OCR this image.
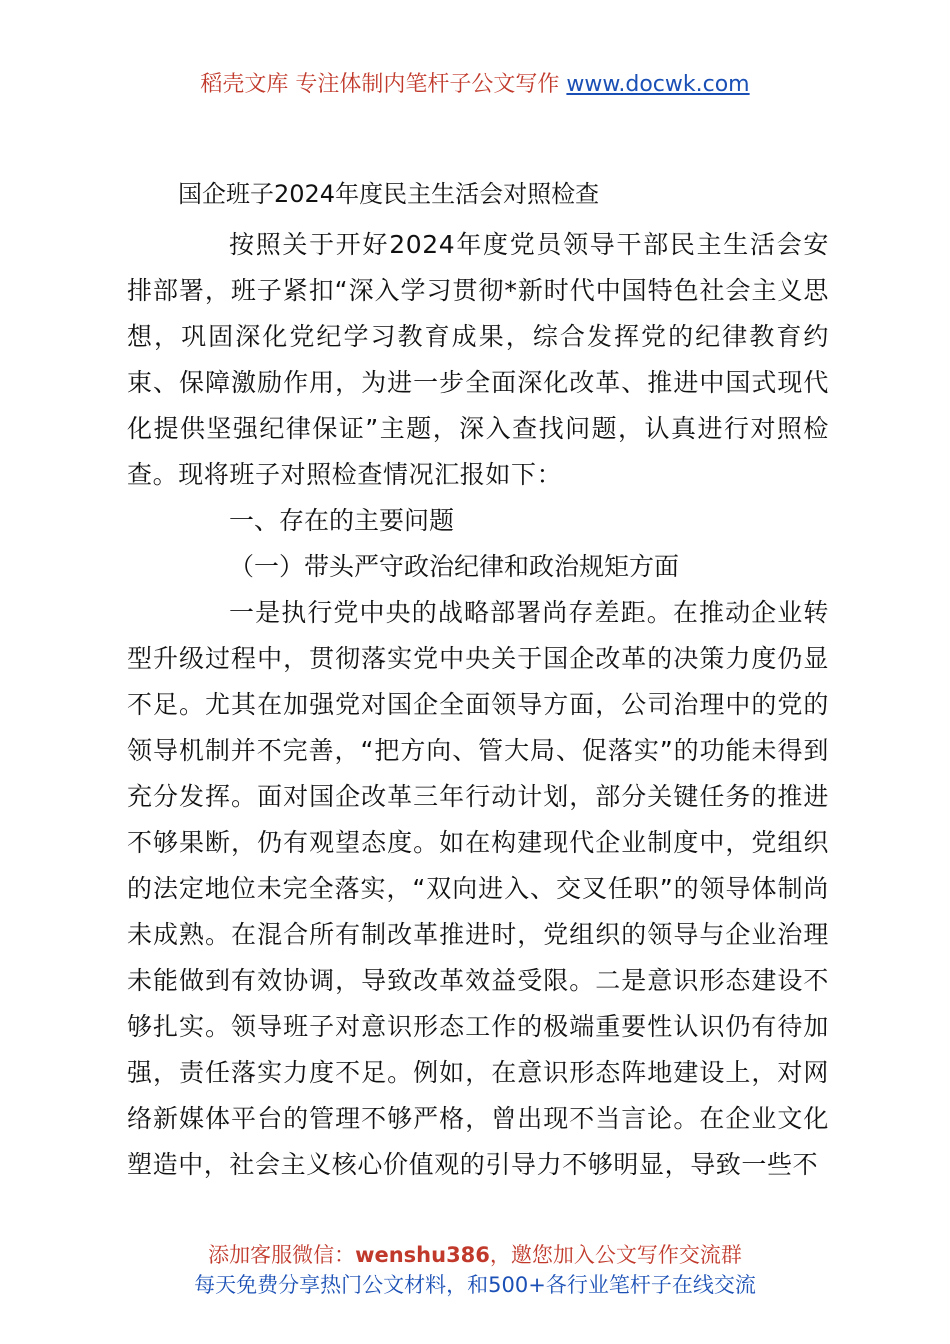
稻壳文库 专注体制内笔杆子公文写作 www.docwk.com
国企班子2024年度民主生活会对照检查

按照关于开好2024年度党员领导干部民主生活会安排部署，班子紧扣“深入学习贯彻*新时代中国特色社会主义思想，巩固深化党纪学习教育成果，综合发挥党的纪律教育约束、保障激励作用，为进一步全面深化改革、推进中国式现代化提供坚强纪律保证”主题，深入查找问题，认真进行对照检查。现将班子对照检查情况汇报如下：

一、存在的主要问题

（一）带头严守政治纪律和政治规矩方面

一是执行党中央的战略部署尚存差距。在推动企业转型升级过程中，贯彻落实党中央关于国企改革的决策力度仍显不足。尤其在加强党对国企全面领导方面，公司治理中的党的领导机制并不完善，“把方向、管大局、促落实”的功能未得到充分发挥。面对国企改革三年行动计划，部分关键任务的推进不够果断，仍有观望态度。如在构建现代企业制度中，党组织的法定地位未完全落实，“双向进入、交叉任职”的领导体制尚未成熟。在混合所有制改革推进时，党组织的领导与企业治理未能做到有效协调，导致改革效益受限。二是意识形态建设不够扎实。领导班子对意识形态工作的极端重要性认识仍有待加强，责任落实力度不足。例如，在意识形态阵地建设上，对网络新媒体平台的管理不够严格，曾出现不当言论。在企业文化塑造中，社会主义核心价值观的引导力不够明显，导致一些不

添加客服微信：wenshu386，邀您加入公文写作交流群
每天免费分享热门公文材料，和500+各行业笔杆子在线交流
